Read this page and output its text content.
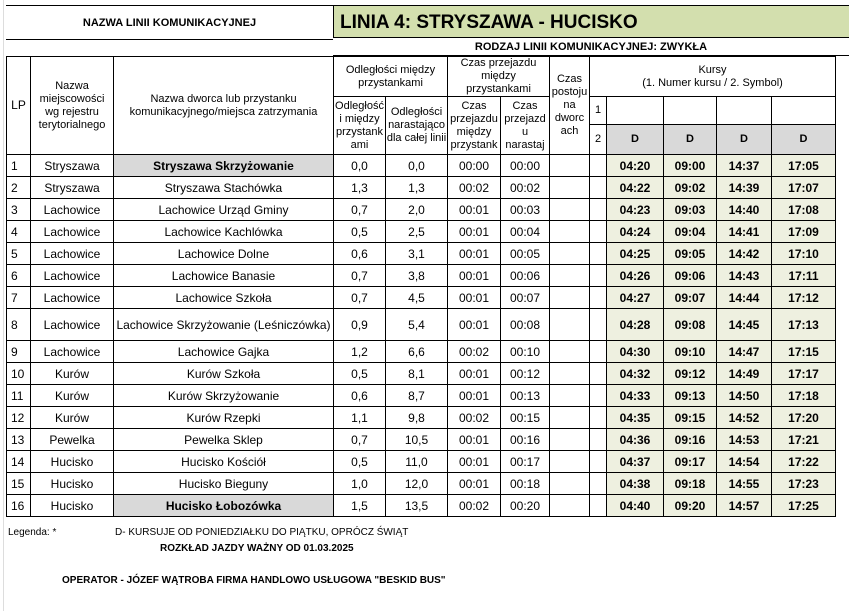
NAZWA LINII KOMUNIKACYJNEJ	LINIA 4: STRYSZAWA - HUCISKO
RODZAJ LINII KOMUNIKACYJNEJ: ZWYKŁA
LP	Nazwa miejscowości wg rejestru terytorialnego	Nazwa dworca lub przystanku komunikacyjnego/miejsca zatrzymania	Odległości między przystankami		Czas przejazdu między przystankami		Czas postoju na dworc ach	Kursy
(1. Numer kursu / 2. Symbol)				

			Odległość i między przystank ami	Odległości narastająco dla całej linii	Czas przejazdu między przystank	Czas przejazd u narastaj		1				
								2	D	D	D	D
1	Stryszawa	Stryszawa Skrzyżowanie	0,0	0,0	00:00	00:00			04:20	09:00	14:37	17:05
2	Stryszawa	Stryszawa Stachówka	1,3	1,3	00:02	00:02			04:22	09:02	14:39	17:07
3	Lachowice	Lachowice Urząd Gminy	0,7	2,0	00:01	00:03			04:23	09:03	14:40	17:08
4	Lachowice	Lachowice Kachlówka	0,5	2,5	00:01	00:04			04:24	09:04	14:41	17:09
5	Lachowice	Lachowice Dolne	0,6	3,1	00:01	00:05			04:25	09:05	14:42	17:10
6	Lachowice	Lachowice Banasie	0,7	3,8	00:01	00:06			04:26	09:06	14:43	17:11
7	Lachowice	Lachowice Szkoła	0,7	4,5	00:01	00:07			04:27	09:07	14:44	17:12
8	Lachowice	Lachowice Skrzyżowanie (Leśniczówka)	0,9	5,4	00:01	00:08			04:28	09:08	14:45	17:13
9	Lachowice	Lachowice Gajka	1,2	6,6	00:02	00:10			04:30	09:10	14:47	17:15
10	Kurów	Kurów Szkoła	0,5	8,1	00:01	00:12			04:32	09:12	14:49	17:17
11	Kurów	Kurów Skrzyżowanie	0,6	8,7	00:01	00:13			04:33	09:13	14:50	17:18
12	Kurów	Kurów Rzepki	1,1	9,8	00:02	00:15			04:35	09:15	14:52	17:20
13	Pewelka	Pewelka Sklep	0,7	10,5	00:01	00:16			04:36	09:16	14:53	17:21
14	Hucisko	Hucisko Kościół	0,5	11,0	00:01	00:17			04:37	09:17	14:54	17:22
15	Hucisko	Hucisko Bieguny	1,0	12,0	00:01	00:18			04:38	09:18	14:55	17:23
16	Hucisko	Hucisko Łobozówka	1,5	13,5	00:02	00:20			04:40	09:20	14:57	17:25
Legenda: *	D- KURSUJE OD PONIEDZIAŁKU DO PIĄTKU, OPRÓCZ ŚWIĄT
ROZKŁAD JAZDY WAŻNY OD 01.03.2025
OPERATOR - JÓZEF WĄTROBA FIRMA HANDLOWO USŁUGOWA "BESKID BUS"
